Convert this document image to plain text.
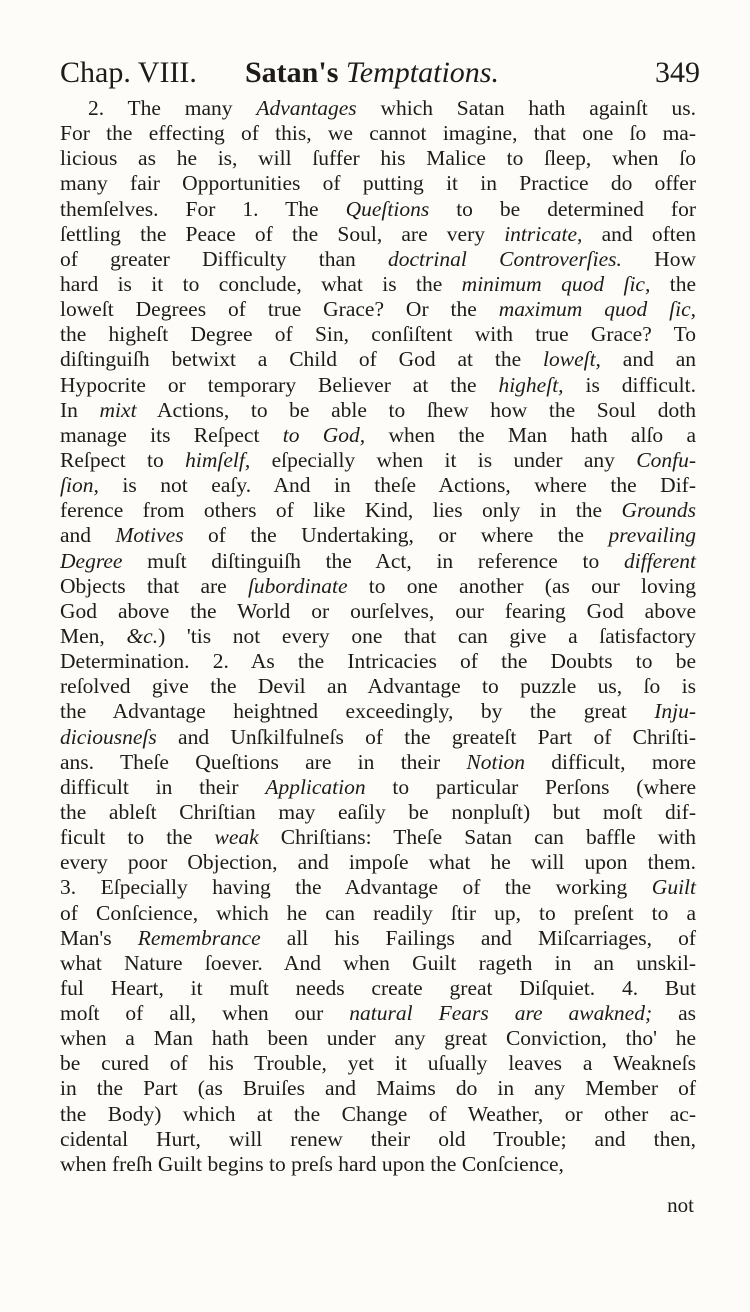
Chap. VIII. Satan's Temptations.	349
2. The many Advantages which Satan hath againſt us.
For the effecting of this, we cannot imagine, that one ſo ma-
licious as he is, will ſuffer his Malice to ſleep, when ſo
many fair Opportunities of putting it in Practice do offer
themſelves. For 1. The Queſtions to be determined for
ſettling the Peace of the Soul, are very intricate, and often
of greater Difficulty than doctrinal Controverſies. How
hard is it to conclude, what is the minimum quod ſic, the
loweſt Degrees of true Grace? Or the maximum quod ſic,
the higheſt Degree of Sin, conſiſtent with true Grace? To
diſtinguiſh betwixt a Child of God at the loweſt, and an
Hypocrite or temporary Believer at the higheſt, is difficult.
In mixt Actions, to be able to ſhew how the Soul doth
manage its Reſpect to God, when the Man hath alſo a
Reſpect to himſelf, eſpecially when it is under any Confu-
ſion, is not eaſy. And in theſe Actions, where the Dif-
ference from others of like Kind, lies only in the Grounds
and Motives of the Undertaking, or where the prevailing
Degree muſt diſtinguiſh the Act, in reference to different
Objects that are ſubordinate to one another (as our loving
God above the World or ourſelves, our fearing God above
Men, &c.) 'tis not every one that can give a ſatisfactory
Determination. 2. As the Intricacies of the Doubts to be
reſolved give the Devil an Advantage to puzzle us, ſo is
the Advantage heightned exceedingly, by the great Inju-
diciousneſs and Unſkilfulneſs of the greateſt Part of Chriſti-
ans. Theſe Queſtions are in their Notion difficult, more
difficult in their Application to particular Perſons (where
the ableſt Chriſtian may eaſily be nonpluſt) but moſt dif-
ficult to the weak Chriſtians: Theſe Satan can baffle with
every poor Objection, and impoſe what he will upon them.
3. Eſpecially having the Advantage of the working Guilt
of Conſcience, which he can readily ſtir up, to preſent to a
Man's Remembrance all his Failings and Miſcarriages, of
what Nature ſoever. And when Guilt rageth in an unskil-
ful Heart, it muſt needs create great Diſquiet. 4. But
moſt of all, when our natural Fears are awakned; as
when a Man hath been under any great Conviction, tho' he
be cured of his Trouble, yet it uſually leaves a Weakneſs
in the Part (as Bruiſes and Maims do in any Member of
the Body) which at the Change of Weather, or other ac-
cidental Hurt, will renew their old Trouble; and then,
when freſh Guilt begins to preſs hard upon the Conſcience,
not
